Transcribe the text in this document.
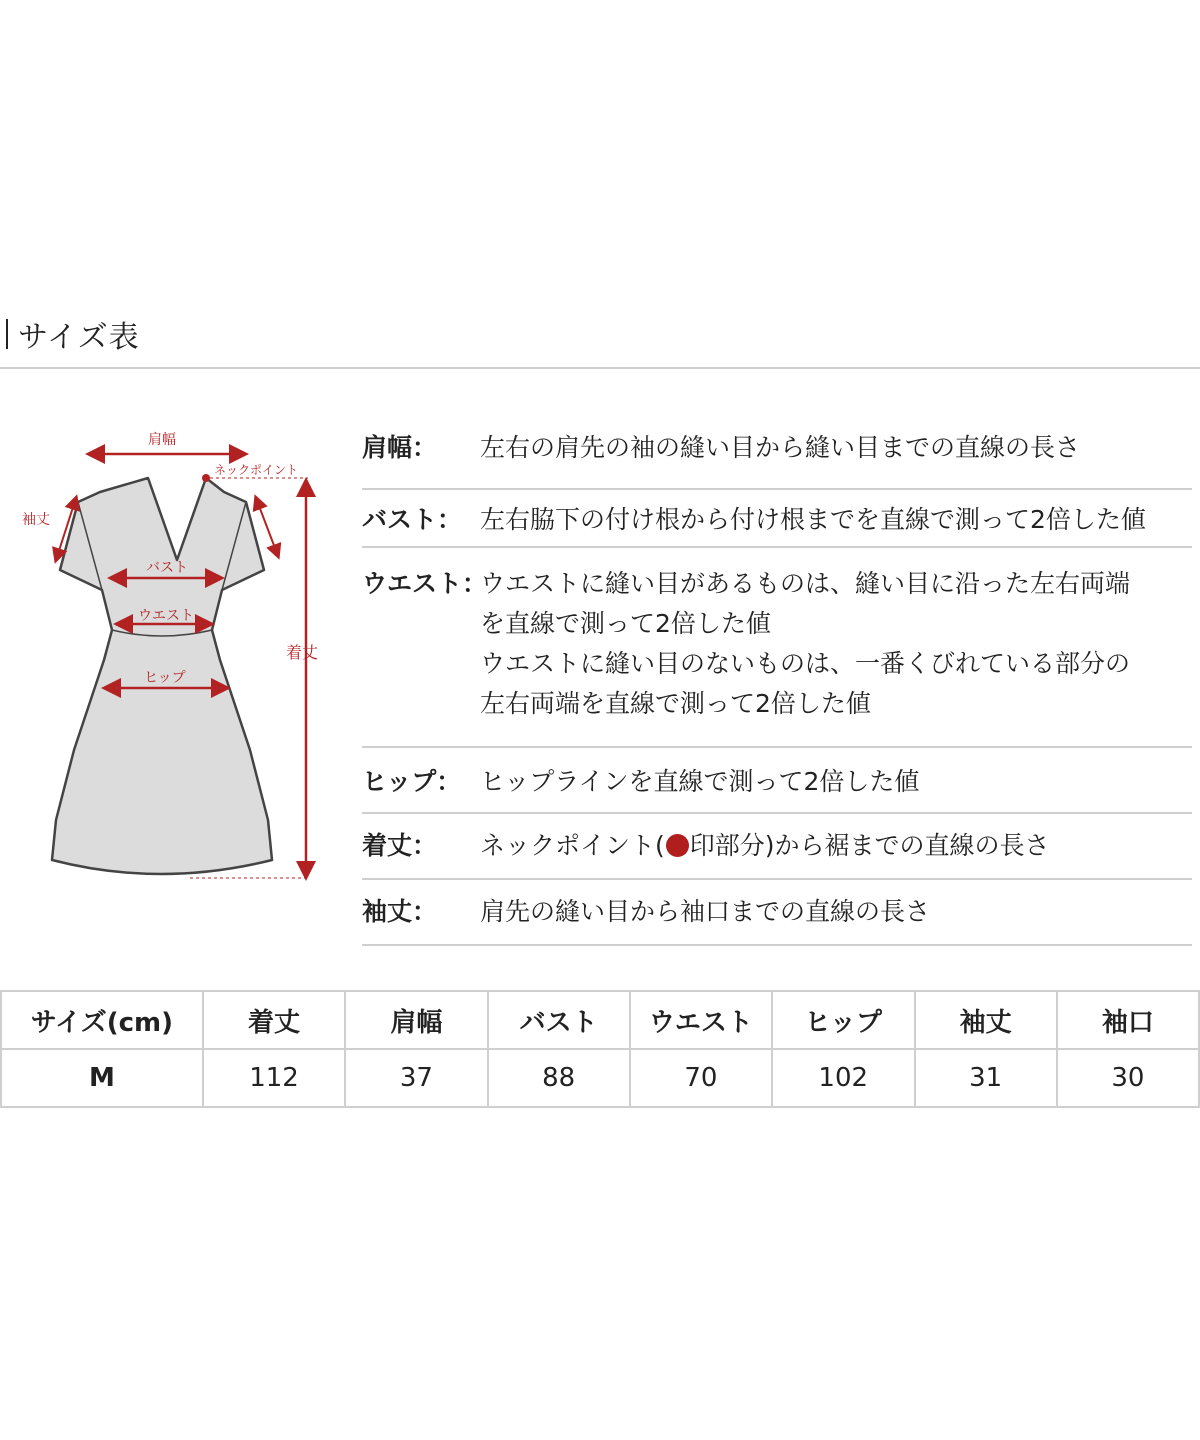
サイズ表
肩幅
ネックポイント
袖丈
バスト
ウエスト
ヒップ
着丈
肩幅：	左右の肩先の袖の縫い目から縫い目までの直線の長さ
バスト： 左右脇下の付け根から付け根までを直線で測って2倍した値
ウエスト：
ウエストに縫い目があるものは、縫い目に沿った左右両端
を直線で測って2倍した値
ウエストに縫い目のないものは、一番くびれている部分の
左右両端を直線で測って2倍した値
ヒップ： ヒップラインを直線で測って2倍した値
着丈：	ネックポイント( 印部分)から裾までの直線の長さ
袖丈：	肩先の縫い目から袖口までの直線の長さ
サイズ(cm)	着丈	肩幅	バスト	ウエスト	ヒップ	袖丈	袖口
M	112	37	88	70	102	31	30
